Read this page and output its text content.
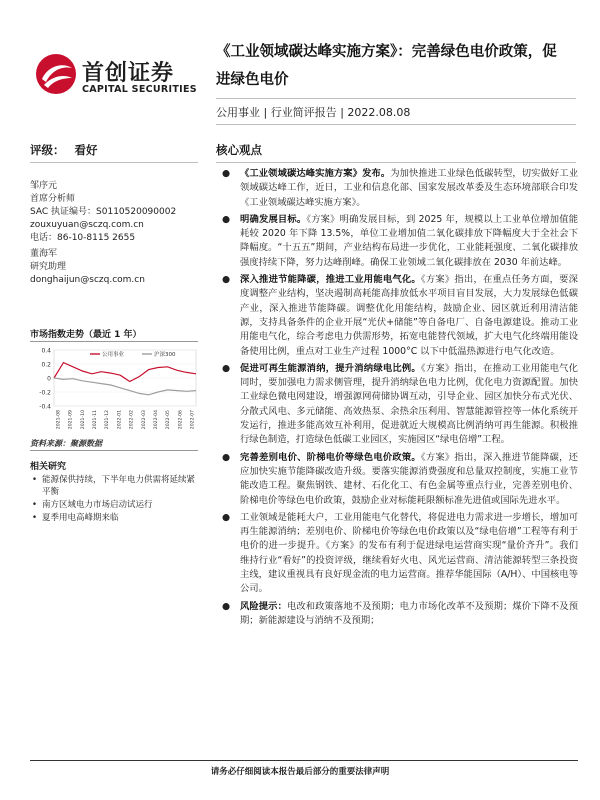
首创证券
CAPITAL SECURITIES
《工业领域碳达峰实施方案》：完善绿色电价政策，促
进绿色电价
公用事业 | 行业简评报告 | 2022.08.08
评级： 看好
邹序元
首席分析师
SAC 执证编号：S0110520090002
zouxuyuan@sczq.com.cn
电话：86-10-8115 2655
董海军
研究助理
donghaijun@sczq.com.cn
市场指数走势（最近 1 年）
0.4
0.2
0
-0.2
-0.4
2021-08 2021-09 2021-10 2021-11 2021-12 2022-01 2022-02 2022-03 2022-04 2022-05 2022-06 2022-07
公用事业	沪深300
资料来源：聚源数据
相关研究
• 能源保供持续，下半年电力供需将延续紧平衡
• 南方区域电力市场启动试运行
• 夏季用电高峰期来临
核心观点
● 《工业领域碳达峰实施方案》发布。为加快推进工业绿色低碳转型，切实做好工业领域碳达峰工作，近日，工业和信息化部、国家发展改革委及生态环境部联合印发《工业领域碳达峰实施方案》。
● 明确发展目标。《方案》明确发展目标，到 2025 年，规模以上工业单位增加值能耗较 2020 年下降 13.5%，单位工业增加值二氧化碳排放下降幅度大于全社会下降幅度。“十五五”期间，产业结构布局进一步优化，工业能耗强度、二氧化碳排放强度持续下降，努力达峰削峰。确保工业领域二氧化碳排放在 2030 年前达峰。
● 深入推进节能降碳，推进工业用能电气化。《方案》指出，在重点任务方面，要深度调整产业结构，坚决遏制高耗能高排放低水平项目盲目发展，大力发展绿色低碳产业，深入推进节能降碳。调整优化用能结构，鼓励企业、园区就近利用清洁能源，支持具备条件的企业开展“光伏+储能”等自备电厂、自备电源建设。推动工业用能电气化，综合考虑电力供需形势，拓宽电能替代领域，扩大电气化终端用能设备使用比例，重点对工业生产过程 1000°C 以下中低温热源进行电气化改造。
● 促进可再生能源消纳，提升消纳绿电比例。《方案》指出，在推动工业用能电气化同时，要加强电力需求侧管理，提升消纳绿色电力比例，优化电力资源配置。加快工业绿色微电网建设，增强源网荷储协调互动，引导企业、园区加快分布式光伏、分散式风电、多元储能、高效热泵、余热余压利用、智慧能源管控等一体化系统开发运行，推进多能高效互补利用，促进就近大规模高比例消纳可再生能源。积极推行绿色制造，打造绿色低碳工业园区，实施园区“绿电倍增”工程。
● 完善差别电价、阶梯电价等绿色电价政策。《方案》指出，深入推进节能降碳，还应加快实施节能降碳改造升级。要落实能源消费强度和总量双控制度，实施工业节能改造工程。聚焦钢铁、建材、石化化工、有色金属等重点行业，完善差别电价、阶梯电价等绿色电价政策，鼓励企业对标能耗限额标准先进值或国际先进水平。
● 工业领域是能耗大户，工业用能电气化替代，将促进电力需求进一步增长，增加可再生能源消纳；差别电价、阶梯电价等绿色电价政策以及“绿电倍增”工程等有利于电价的进一步提升。《方案》的发布有利于促进绿电运营商实现“量价齐升”。我们维持行业“看好”的投资评级，继续看好火电、风光运营商、清洁能源转型三条投资主线，建议重视具有良好现金流的电力运营商。推荐华能国际（A/H）、中国核电等公司。
● 风险提示：电改和政策落地不及预期；电力市场化改革不及预期；煤价下降不及预期；新能源建设与消纳不及预期；
请务必仔细阅读本报告最后部分的重要法律声明
